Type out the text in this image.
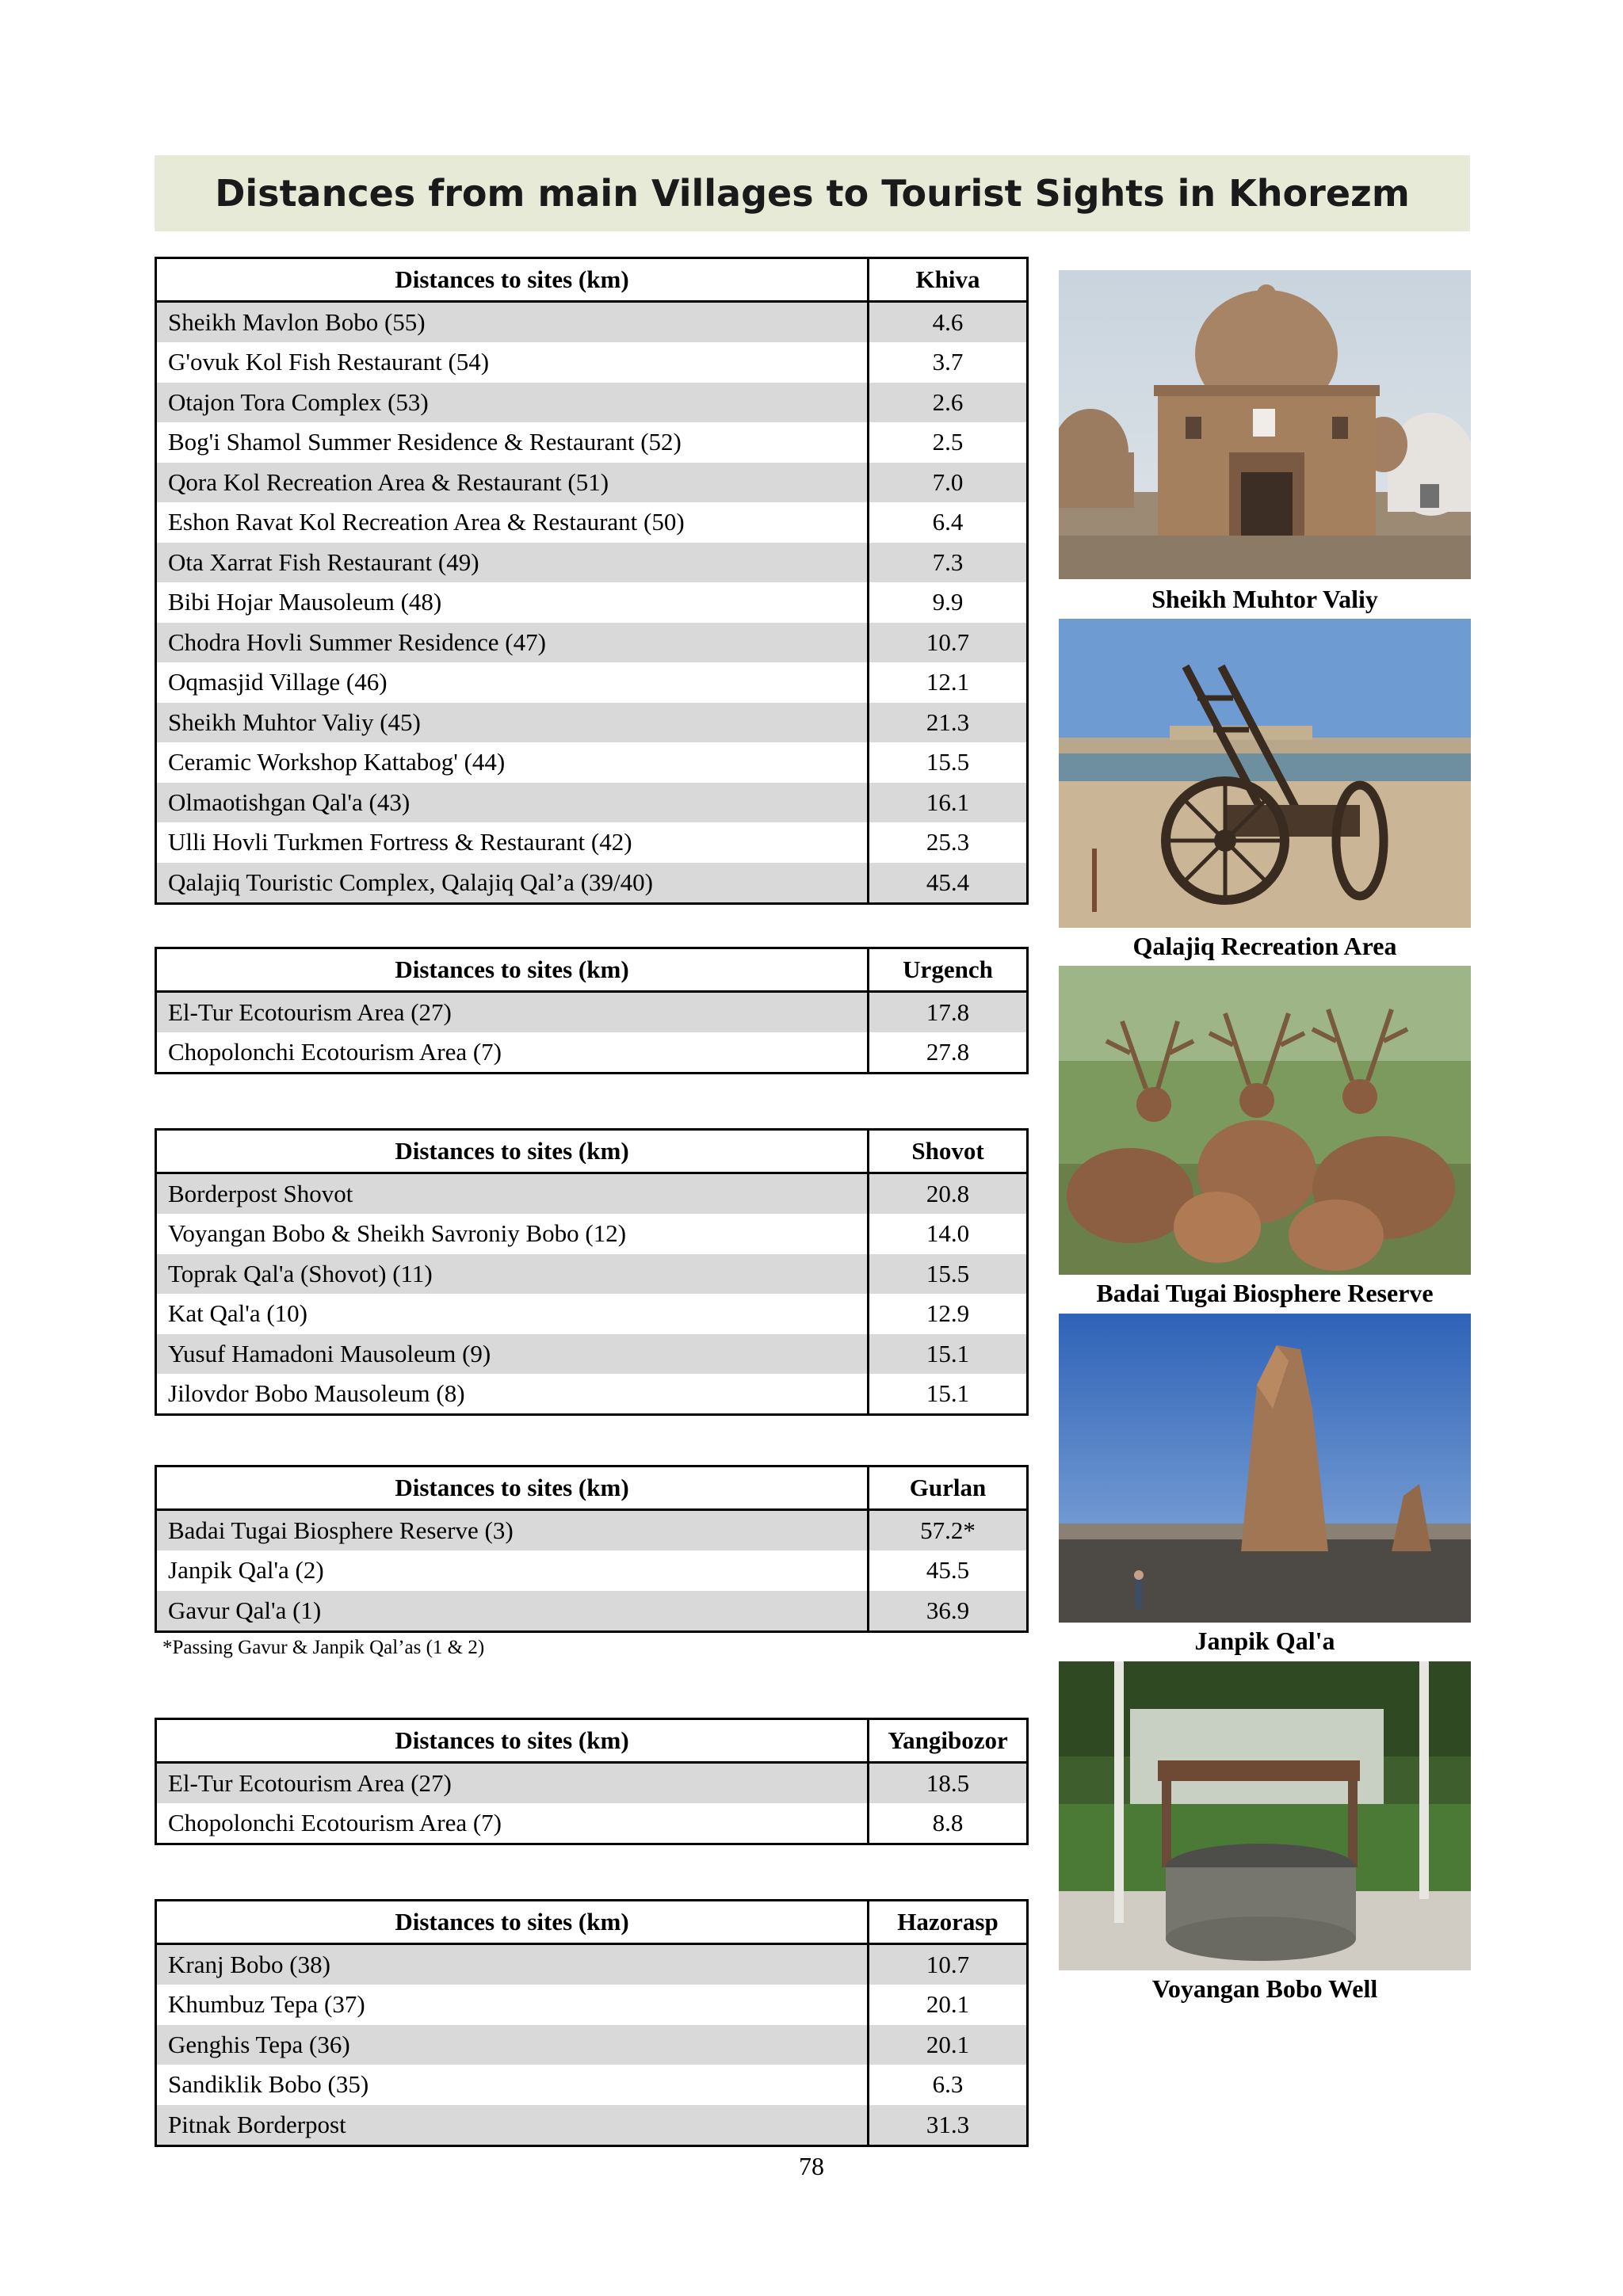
Distances from main Villages to Tourist Sights in Khorezm
Distances to sites (km)	Khiva
Sheikh Mavlon Bobo (55)	4.6
G'ovuk Kol Fish Restaurant (54)	3.7
Otajon Tora Complex (53)	2.6
Bog'i Shamol Summer Residence & Restaurant (52)	2.5
Qora Kol Recreation Area & Restaurant (51)	7.0
Eshon Ravat Kol Recreation Area & Restaurant (50)	6.4
Ota Xarrat Fish Restaurant (49)	7.3
Bibi Hojar Mausoleum (48)	9.9
Chodra Hovli Summer Residence (47)	10.7
Oqmasjid Village (46)	12.1
Sheikh Muhtor Valiy (45)	21.3
Ceramic Workshop Kattabog' (44)	15.5
Olmaotishgan Qal'a (43)	16.1
Ulli Hovli Turkmen Fortress & Restaurant (42)	25.3
Qalajiq Touristic Complex, Qalajiq Qal’a (39/40)	45.4
Distances to sites (km)	Urgench
El-Tur Ecotourism Area (27)	17.8
Chopolonchi Ecotourism Area (7)	27.8
Distances to sites (km)	Shovot
Borderpost Shovot	20.8
Voyangan Bobo & Sheikh Savroniy Bobo (12)	14.0
Toprak Qal'a (Shovot) (11)	15.5
Kat Qal'a (10)	12.9
Yusuf Hamadoni Mausoleum (9)	15.1
Jilovdor Bobo Mausoleum (8)	15.1
Distances to sites (km)	Gurlan
Badai Tugai Biosphere Reserve (3)	57.2*
Janpik Qal'a (2)	45.5
Gavur Qal'a (1)	36.9
*Passing Gavur & Janpik Qal’as (1 & 2)
Distances to sites (km)	Yangibozor
El-Tur Ecotourism Area (27)	18.5
Chopolonchi Ecotourism Area (7)	8.8
Distances to sites (km)	Hazorasp
Kranj Bobo (38)	10.7
Khumbuz Tepa (37)	20.1
Genghis Tepa (36)	20.1
Sandiklik Bobo (35)	6.3
Pitnak Borderpost	31.3
Sheikh Muhtor Valiy
Qalajiq Recreation Area
Badai Tugai Biosphere Reserve
Janpik Qal'a
Voyangan Bobo Well
78
